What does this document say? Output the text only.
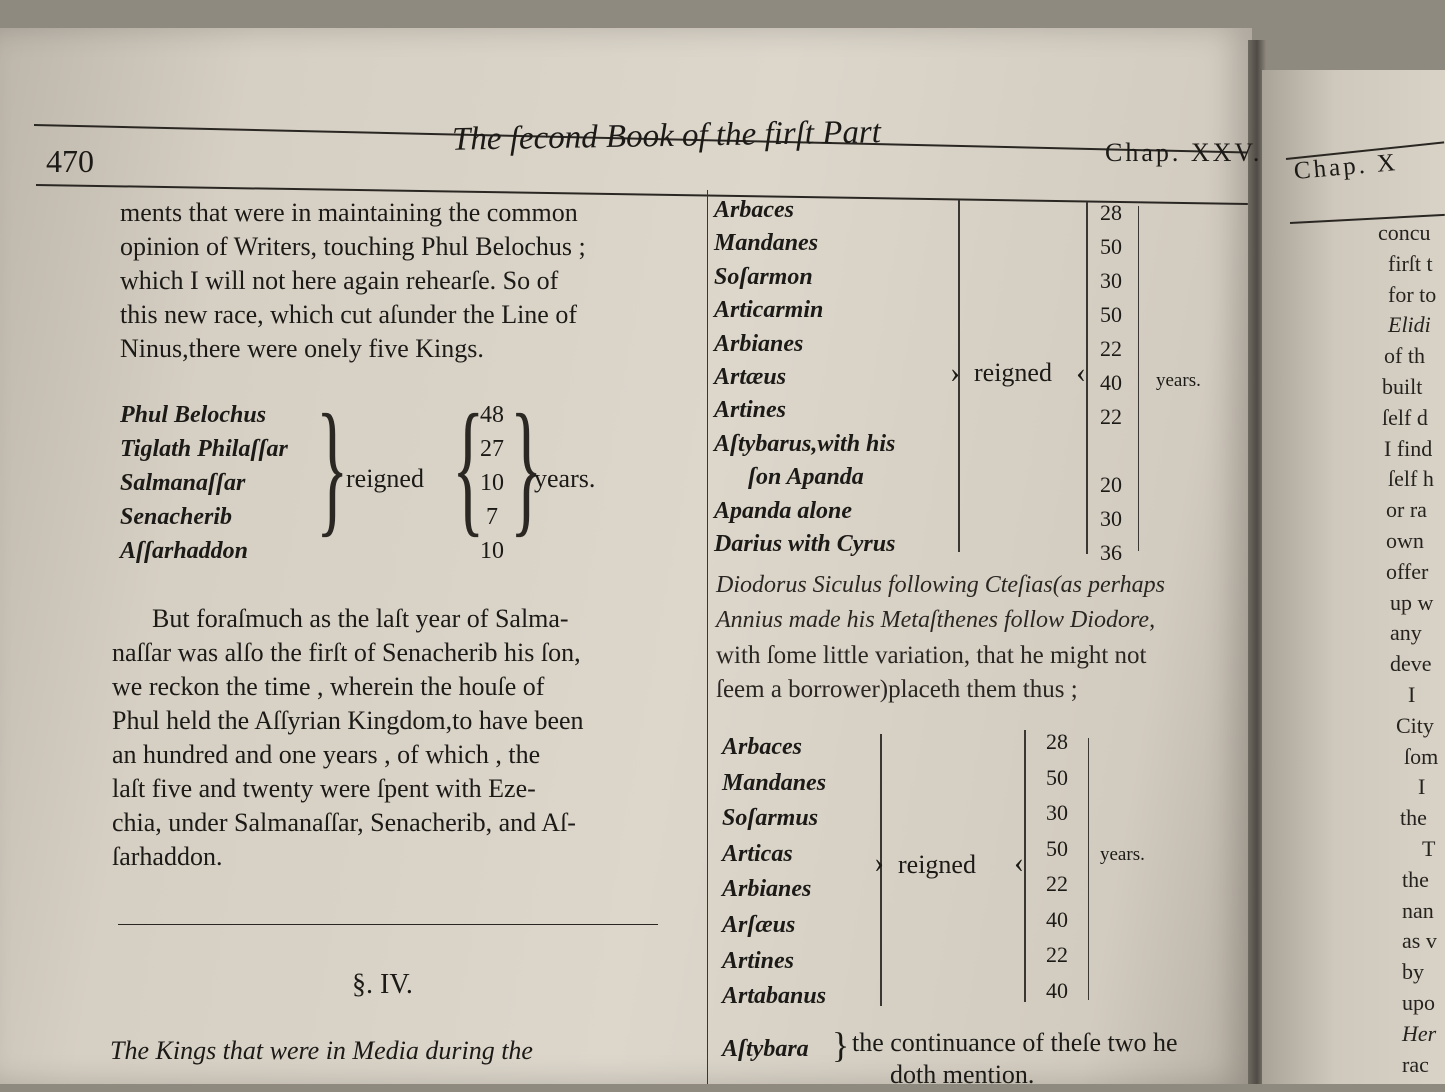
470
The ſecond Book of the firſt Part	Chap. XXV.
ments that were in maintaining the common
opinion of Writers, touching Phul Belochus ;
which I will not here again rehearſe. So of
this new race, which cut aſunder the Line of
Ninus,there were onely five Kings.
Phul Belochus
Tiglath Philaſſar
Salmanaſſar
Senacherib
Aſſarhaddon
}
reigned {
48
27
10
7
10
}
years.
But foraſmuch as the laſt year of Salma-
naſſar was alſo the firſt of Senacherib his ſon,
we reckon the time , wherein the houſe of
Phul held the Aſſyrian Kingdom,to have been
an hundred and one years , of which , the
laſt five and twenty were ſpent with Eze-
chia, under Salmanaſſar, Senacherib, and Aſ-
ſarhaddon.
§. IV.
The Kings that were in Media during the
Arbaces
Mandanes
Soſarmon
Articarmin
Arbianes
Artæus
Artines
Aſtybarus,with his
ſon Apanda
Apanda alone
Darius with Cyrus
› reigned ‹
28
50
30
50
22
40
22
20
30
36
years.
Diodorus Siculus following Cteſias(as perhaps
Annius made his Metaſthenes follow Diodore,
with ſome little variation, that he might not
ſeem a borrower)placeth them thus ;
Arbaces
Mandanes
Soſarmus
Articas
Arbianes
Arſæus
Artines
Artabanus
› reigned ‹
28
50
30
50
22
40
22
40
years.
Aſtybara } the continuance of theſe two he
doth mention.
Chap. X
concu
firſt t
for to
Elidi
of th
built
ſelf d
I find
ſelf h
or ra
own
offer
up w
any
deve
I
City
ſom
I
the
T
the
nan
as v
by
upo
Her
rac
